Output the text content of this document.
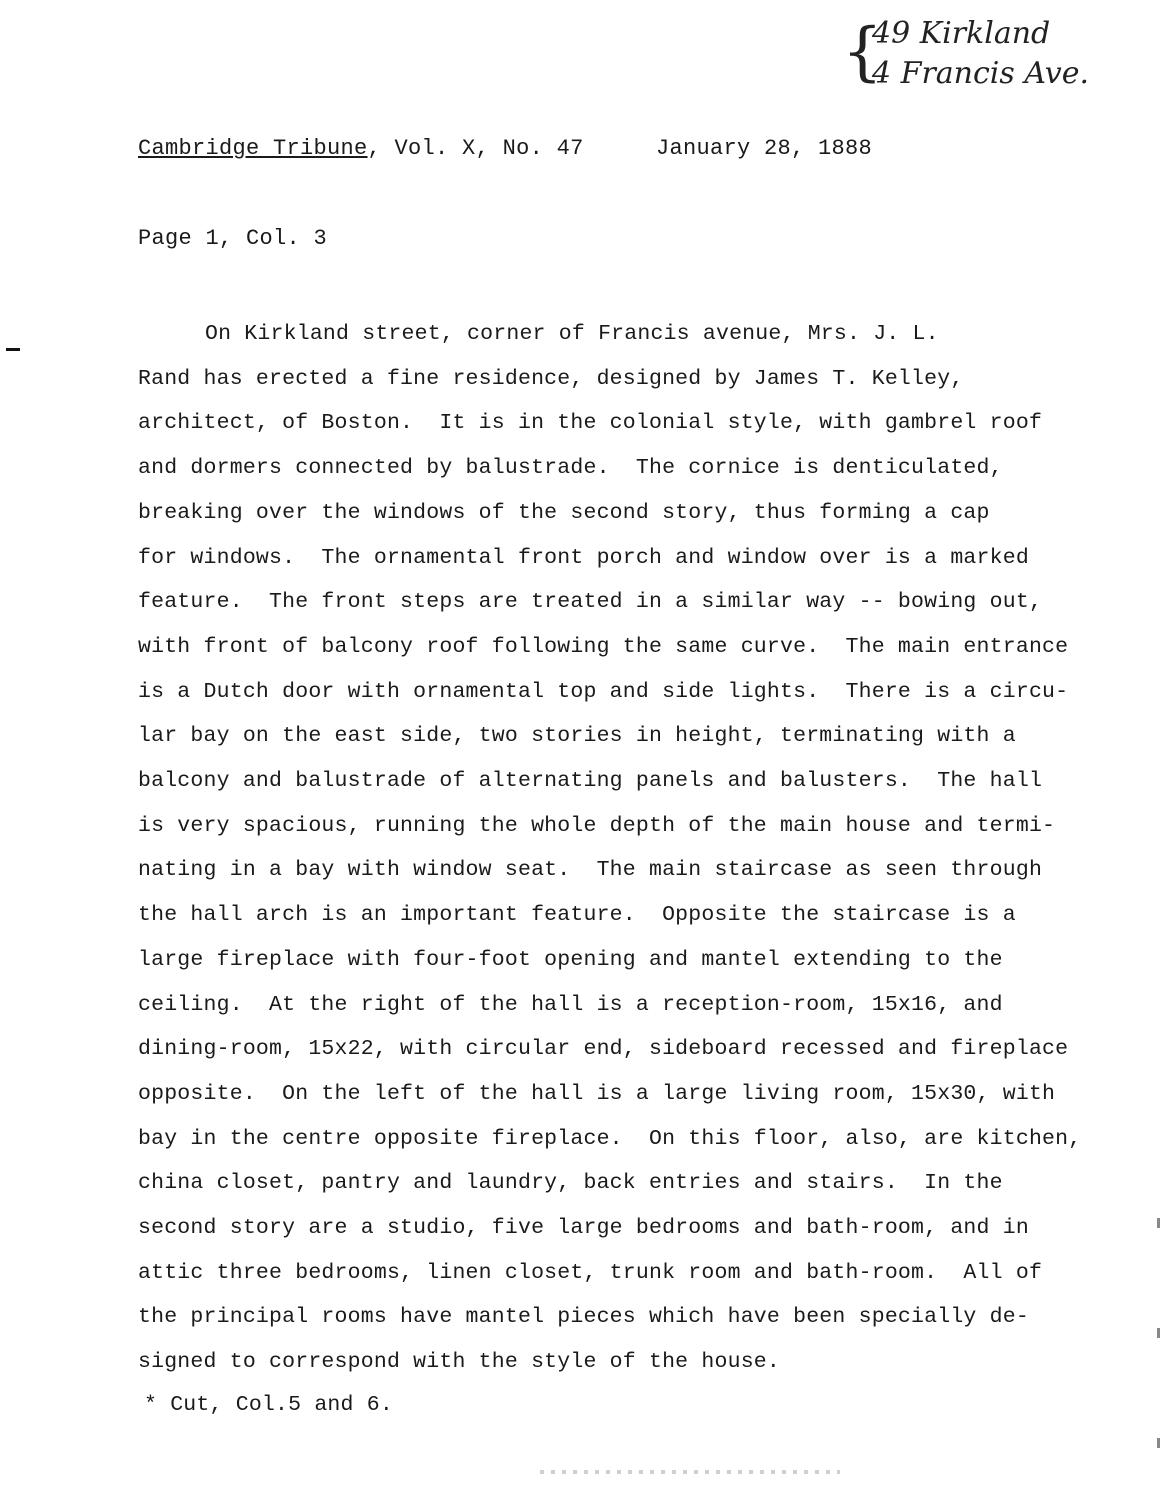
{
49 Kirkland
4 Francis Ave.
Cambridge Tribune, Vol. X, No. 47	January 28, 1888
Page 1, Col. 3
On Kirkland street, corner of Francis avenue, Mrs. J. L.
Rand has erected a fine residence, designed by James T. Kelley,
architect, of Boston.  It is in the colonial style, with gambrel roof
and dormers connected by balustrade.  The cornice is denticulated,
breaking over the windows of the second story, thus forming a cap
for windows.  The ornamental front porch and window over is a marked
feature.  The front steps are treated in a similar way -- bowing out,
with front of balcony roof following the same curve.  The main entrance
is a Dutch door with ornamental top and side lights.  There is a circu-
lar bay on the east side, two stories in height, terminating with a
balcony and balustrade of alternating panels and balusters.  The hall
is very spacious, running the whole depth of the main house and termi-
nating in a bay with window seat.  The main staircase as seen through
the hall arch is an important feature.  Opposite the staircase is a
large fireplace with four-foot opening and mantel extending to the
ceiling.  At the right of the hall is a reception-room, 15x16, and
dining-room, 15x22, with circular end, sideboard recessed and fireplace
opposite.  On the left of the hall is a large living room, 15x30, with
bay in the centre opposite fireplace.  On this floor, also, are kitchen,
china closet, pantry and laundry, back entries and stairs.  In the
second story are a studio, five large bedrooms and bath-room, and in
attic three bedrooms, linen closet, trunk room and bath-room.  All of
the principal rooms have mantel pieces which have been specially de-
signed to correspond with the style of the house.
* Cut, Col.5 and 6.
